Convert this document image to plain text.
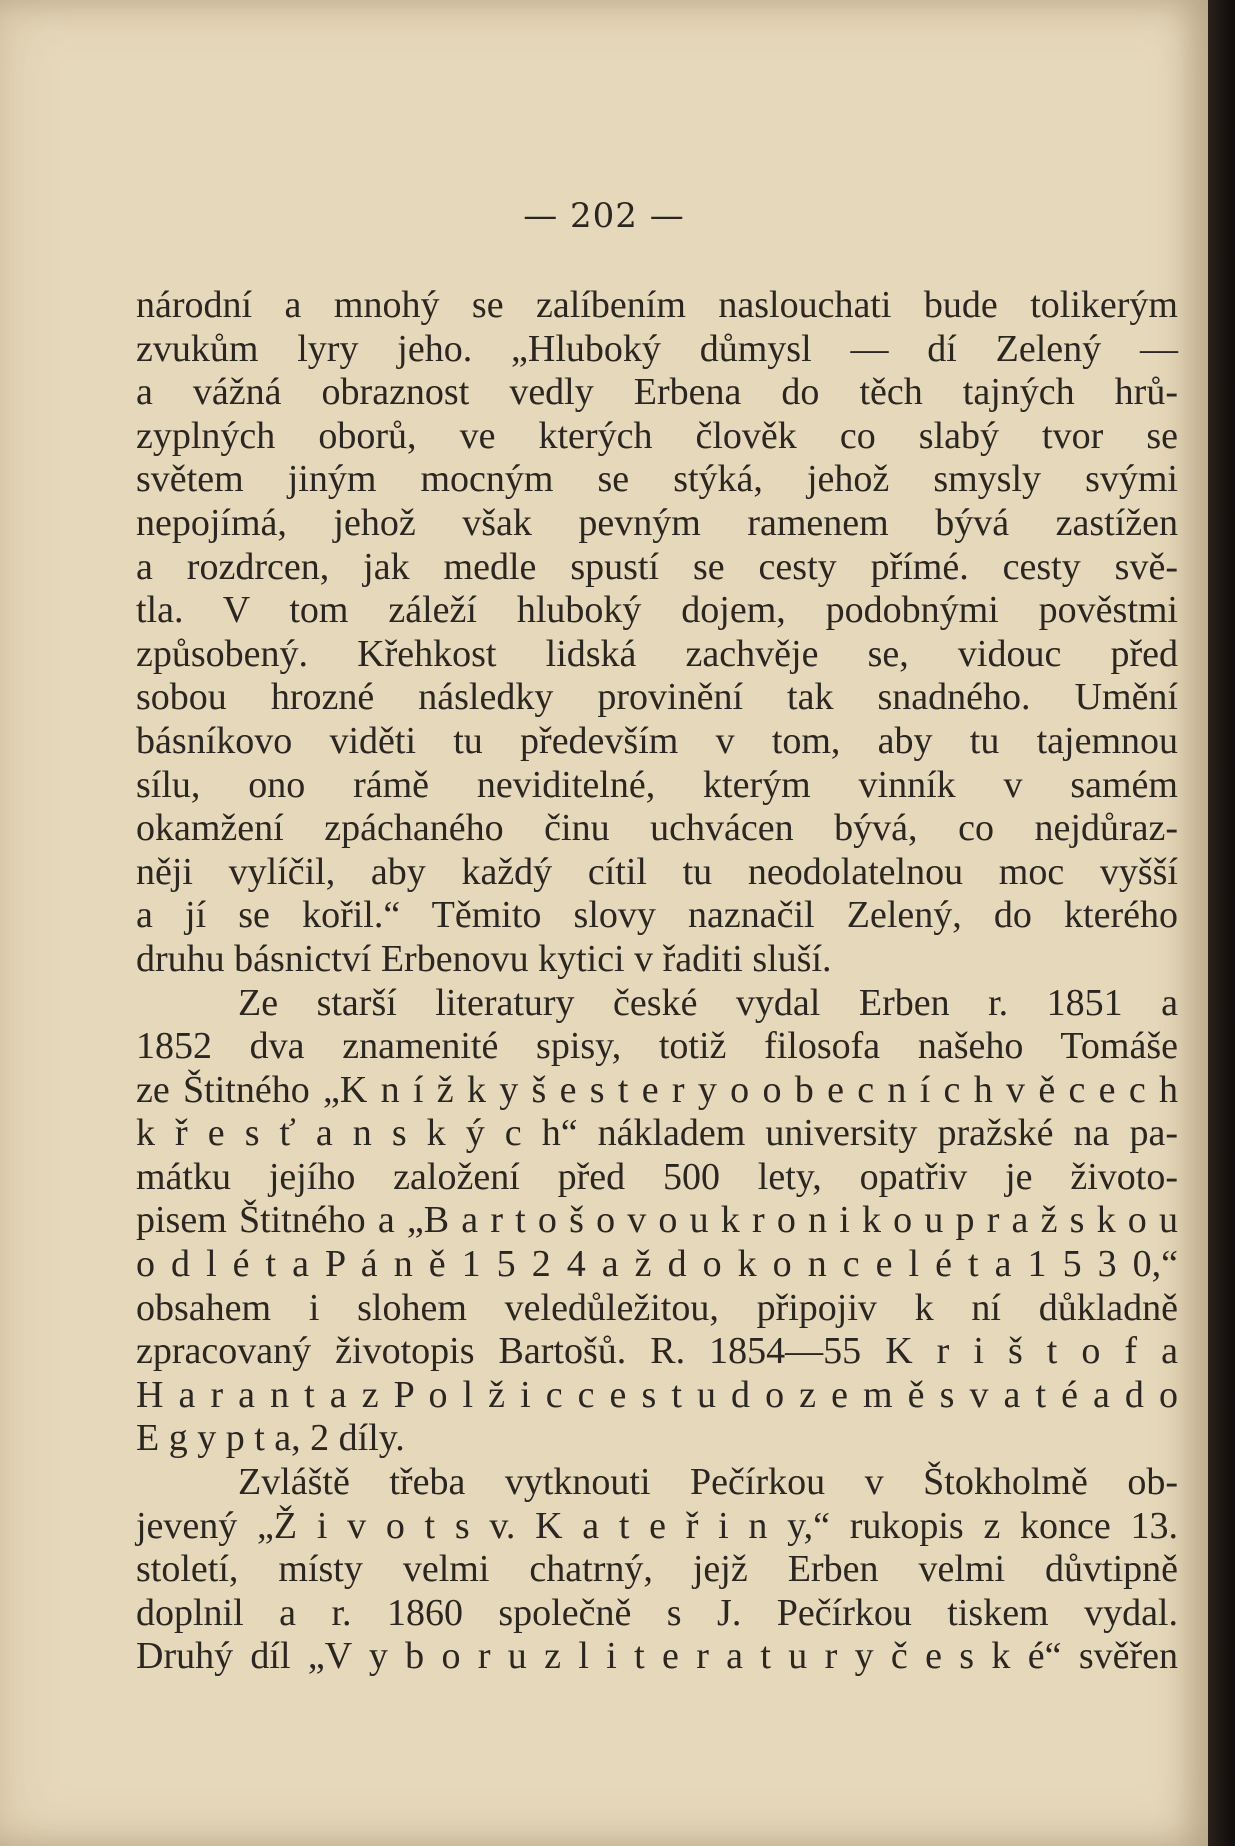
— 202 —
národní a mnohý se zalíbením naslouchati bude tolikerým
zvukům lyry jeho. „Hluboký důmysl — dí Zelený —
a vážná obraznost vedly Erbena do těch tajných hrů-
zyplných oborů, ve kterých člověk co slabý tvor se
světem jiným mocným se stýká, jehož smysly svými
nepojímá, jehož však pevným ramenem bývá zastížen
a rozdrcen, jak medle spustí se cesty přímé. cesty svě-
tla. V tom záleží hluboký dojem, podobnými pověstmi
způsobený. Křehkost lidská zachvěje se, vidouc před
sobou hrozné následky provinění tak snadného. Umění
básníkovo viděti tu především v tom, aby tu tajemnou
sílu, ono rámě neviditelné, kterým vinník v samém
okamžení zpáchaného činu uchvácen bývá, co nejdůraz-
něji vylíčil, aby každý cítil tu neodolatelnou moc vyšší
a jí se kořil.“ Těmito slovy naznačil Zelený, do kterého
druhu básnictví Erbenovu kytici v řaditi sluší.
Ze starší literatury české vydal Erben r. 1851 a
1852 dva znamenité spisy, totiž filosofa našeho Tomáše
ze Štitného „K n í ž k y š e s t e r y o o b e c n í c h v ě c e c h
k ř e s ť a n s k ý c h“ nákladem university pražské na pa-
mátku jejího založení před 500 lety, opatřiv je životo-
pisem Štitného a „B a r t o š o v o u k r o n i k o u p r a ž s k o u
o d l é t a P á n ě 1 5 2 4 a ž d o k o n c e l é t a 1 5 3 0,“
obsahem i slohem veledůležitou, připojiv k ní důkladně
zpracovaný životopis Bartošů. R. 1854—55 K r i š t o f a
H a r a n t a z P o l ž i c c e s t u d o z e m ě s v a t é a d o
E g y p t a, 2 díly.
Zvláště třeba vytknouti Pečírkou v Štokholmě ob-
jevený „Ž i v o t s v. K a t e ř i n y,“ rukopis z konce 13.
století, místy velmi chatrný, jejž Erben velmi důvtipně
doplnil a r. 1860 společně s J. Pečírkou tiskem vydal.
Druhý díl „V y b o r u z l i t e r a t u r y č e s k é“ svěřen
